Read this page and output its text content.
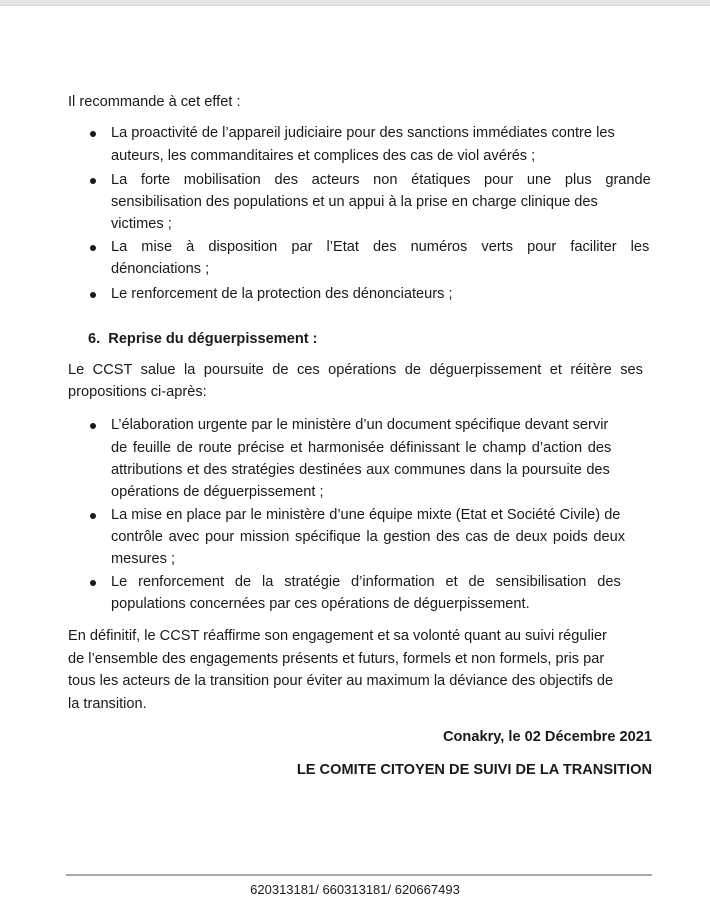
Il recommande à cet effet :
La proactivité de l’appareil judiciaire pour des sanctions immédiates contre les
auteurs, les commanditaires et complices des cas de viol avérés ;
La forte mobilisation des acteurs non étatiques pour une plus grande
sensibilisation des populations et un appui à la prise en charge clinique des
victimes ;
La mise à disposition par l’Etat des numéros verts pour faciliter les
dénonciations ;
Le renforcement de la protection des dénonciateurs ;
6. Reprise du déguerpissement :
Le CCST salue la poursuite de ces opérations de déguerpissement et réitère ses
propositions ci-après:
L’élaboration urgente par le ministère d’un document spécifique devant servir
de feuille de route précise et harmonisée définissant le champ d’action des
attributions et des stratégies destinées aux communes dans la poursuite des
opérations de déguerpissement ;
La mise en place par le ministère d’une équipe mixte (Etat et Société Civile) de
contrôle avec pour mission spécifique la gestion des cas de deux poids deux
mesures ;
Le renforcement de la stratégie d’information et de sensibilisation des
populations concernées par ces opérations de déguerpissement.
En définitif, le CCST réaffirme son engagement et sa volonté quant au suivi régulier
de l’ensemble des engagements présents et futurs, formels et non formels, pris par
tous les acteurs de la transition pour éviter au maximum la déviance des objectifs de
la transition.
Conakry, le 02 Décembre 2021
LE COMITE CITOYEN DE SUIVI DE LA TRANSITION
620313181/ 660313181/ 620667493
